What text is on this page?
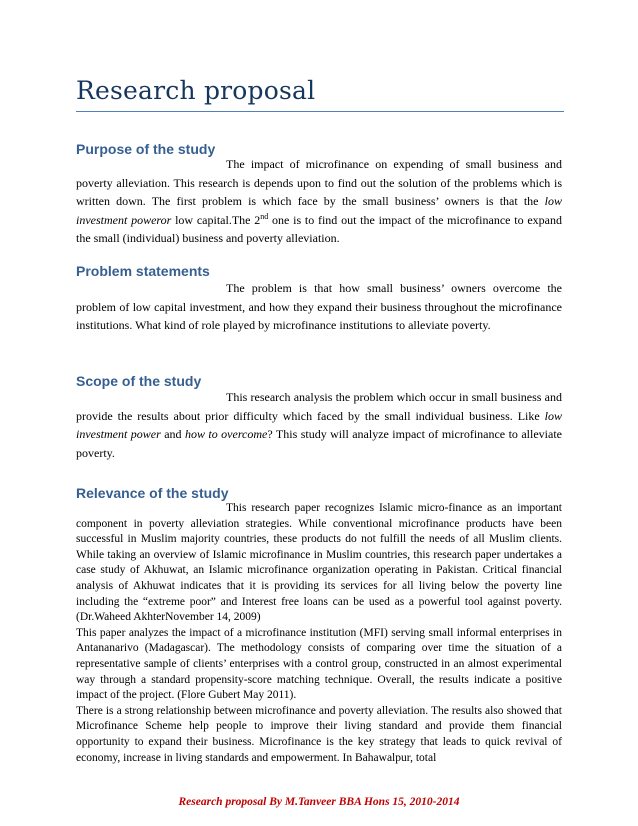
Research proposal
Purpose of the study

The impact of microfinance on expending of small business and poverty alleviation. This research is depends upon to find out the solution of the problems which is written down. The first problem is which face by the small business’ owners is that the low investment poweror low capital.The 2nd one is to find out the impact of the microfinance to expand the small (individual) business and poverty alleviation.

Problem statements

The problem is that how small business’ owners overcome the problem of low capital investment, and how they expand their business throughout the microfinance institutions. What kind of role played by microfinance institutions to alleviate poverty.

Scope of the study

This research analysis the problem which occur in small business and provide the results about prior difficulty which faced by the small individual business. Like low investment power and how to overcome? This study will analyze impact of microfinance to alleviate poverty.

Relevance of the study

This research paper recognizes Islamic micro-finance as an important component in poverty alleviation strategies. While conventional microfinance products have been successful in Muslim majority countries, these products do not fulfill the needs of all Muslim clients. While taking an overview of Islamic microfinance in Muslim countries, this research paper undertakes a case study of Akhuwat, an Islamic microfinance organization operating in Pakistan. Critical financial analysis of Akhuwat indicates that it is providing its services for all living below the poverty line including the “extreme poor” and Interest free loans can be used as a powerful tool against poverty. (Dr.Waheed AkhterNovember 14, 2009)

This paper analyzes the impact of a microfinance institution (MFI) serving small informal enterprises in Antananarivo (Madagascar). The methodology consists of comparing over time the situation of a representative sample of clients’ enterprises with a control group, constructed in an almost experimental way through a standard propensity-score matching technique. Overall, the results indicate a positive impact of the project. (Flore Gubert May 2011).

There is a strong relationship between microfinance and poverty alleviation. The results also showed that Microfinance Scheme help people to improve their living standard and provide them financial opportunity to expand their business. Microfinance is the key strategy that leads to quick revival of economy, increase in living standards and empowerment. In Bahawalpur, total

Research proposal By M.Tanveer BBA Hons 15, 2010-2014
